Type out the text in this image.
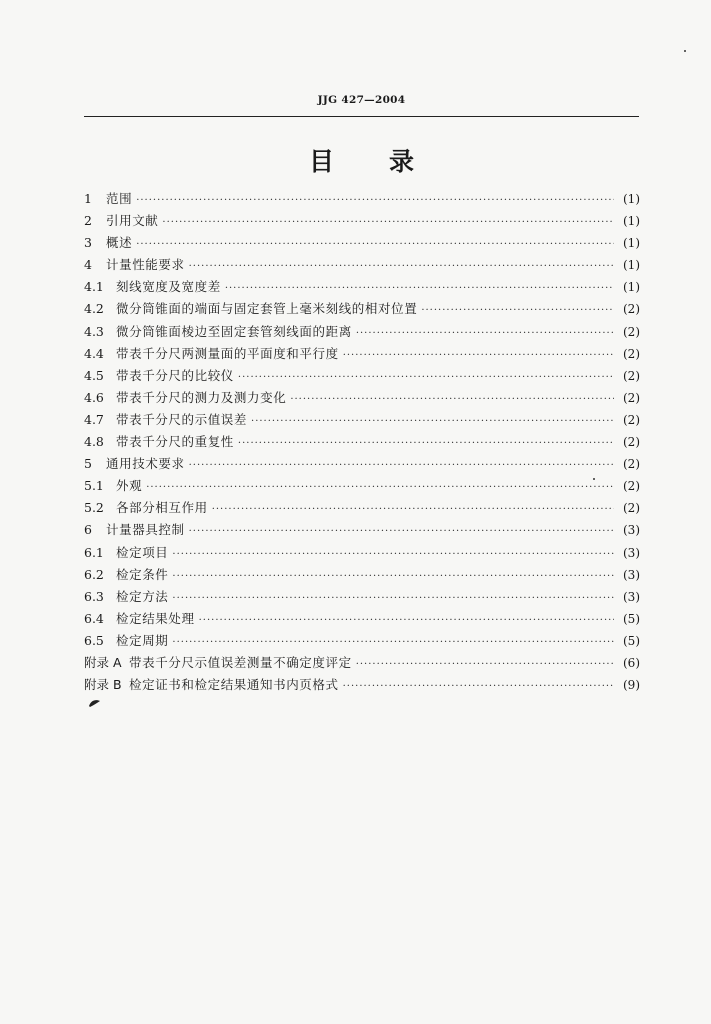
JJG 427—2004
目 录
1	范围 ·····	(1)
2	引用文献 ·····	(1)
3	概述 ·····	(1)
4	计量性能要求 ·····	(1)
4.1 刻线宽度及宽度差 ·····	(1)
4.2 微分筒锥面的端面与固定套管上毫米刻线的相对位置 ·····	(2)
4.3 微分筒锥面棱边至固定套管刻线面的距离 ·····	(2)
4.4 带表千分尺两测量面的平面度和平行度 ·····	(2)
4.5 带表千分尺的比较仪 ·····	(2)
4.6 带表千分尺的测力及测力变化 ·····	(2)
4.7 带表千分尺的示值误差 ·····	(2)
4.8 带表千分尺的重复性 ·····	(2)
5	通用技术要求 ·····	(2)
5.1 外观 ·····	(2)
5.2 各部分相互作用 ·····	(2)
6	计量器具控制 ·····	(3)
6.1 检定项目 ·····	(3)
6.2 检定条件 ·····	(3)
6.3 检定方法 ·····	(3)
6.4 检定结果处理 ·····	(5)
6.5 检定周期 ·····	(5)
附录 A 带表千分尺示值误差测量不确定度评定 ·····	(6)
附录 B 检定证书和检定结果通知书内页格式 ·····	(9)
